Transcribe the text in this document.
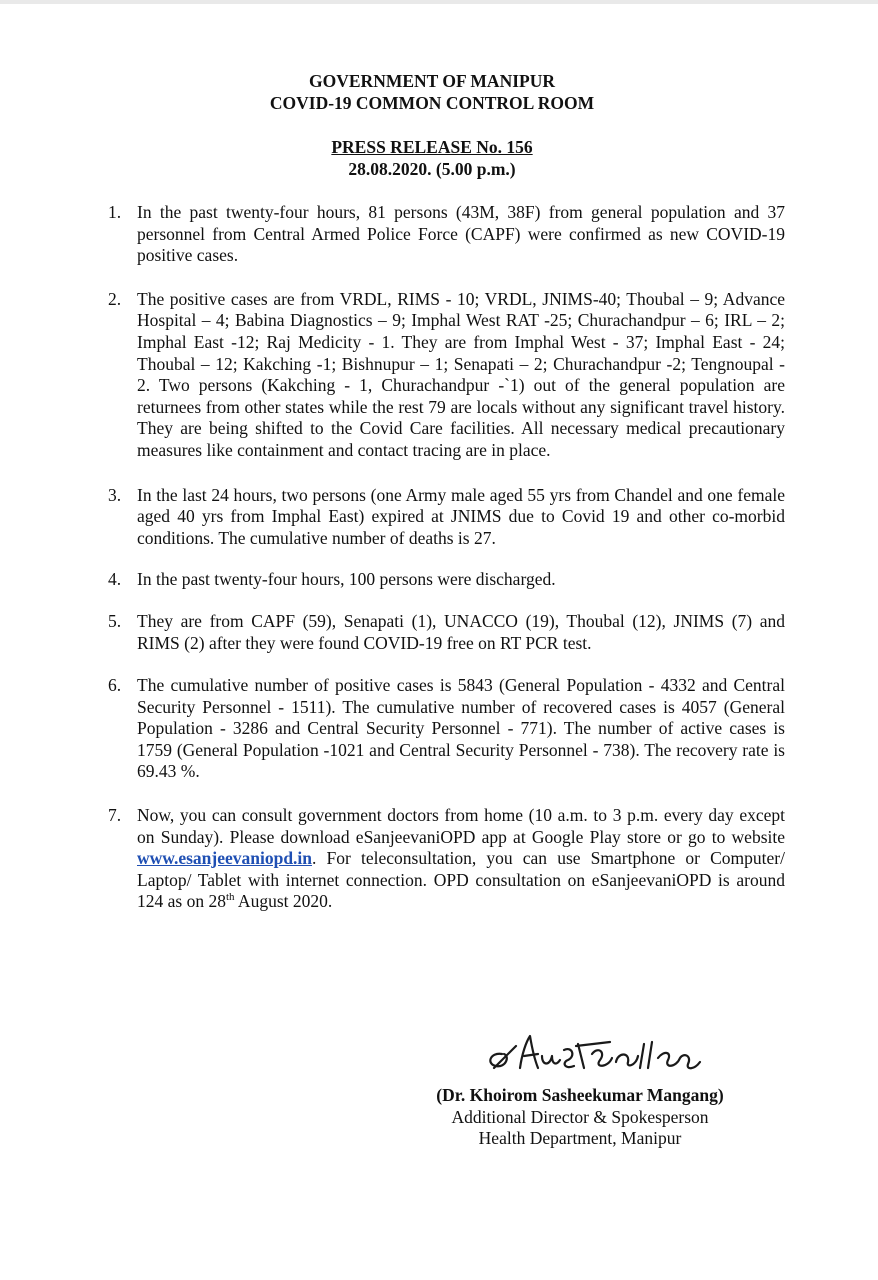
GOVERNMENT OF MANIPUR
COVID-19 COMMON CONTROL ROOM
PRESS RELEASE No. 156
28.08.2020. (5.00 p.m.)
1. In the past twenty-four hours, 81 persons (43M, 38F) from general population and 37 personnel from Central Armed Police Force (CAPF) were confirmed as new COVID-19 positive cases.
2. The positive cases are from VRDL, RIMS - 10; VRDL, JNIMS-40; Thoubal – 9; Advance Hospital – 4; Babina Diagnostics – 9; Imphal West RAT -25; Churachandpur – 6; IRL – 2; Imphal East -12; Raj Medicity - 1. They are from Imphal West - 37; Imphal East - 24; Thoubal – 12; Kakching -1; Bishnupur – 1; Senapati – 2; Churachandpur -2; Tengnoupal - 2. Two persons (Kakching - 1, Churachandpur -`1) out of the general population are returnees from other states while the rest 79 are locals without any significant travel history. They are being shifted to the Covid Care facilities. All necessary medical precautionary measures like containment and contact tracing are in place.
3. In the last 24 hours, two persons (one Army male aged 55 yrs from Chandel and one female aged 40 yrs from Imphal East) expired at JNIMS due to Covid 19 and other co-morbid conditions. The cumulative number of deaths is 27.
4. In the past twenty-four hours, 100 persons were discharged.
5. They are from CAPF (59), Senapati (1), UNACCO (19), Thoubal (12), JNIMS (7) and RIMS (2) after they were found COVID-19 free on RT PCR test.
6. The cumulative number of positive cases is 5843 (General Population - 4332 and Central Security Personnel - 1511). The cumulative number of recovered cases is 4057 (General Population - 3286 and Central Security Personnel - 771). The number of active cases is 1759 (General Population -1021 and Central Security Personnel - 738). The recovery rate is 69.43 %.
7. Now, you can consult government doctors from home (10 a.m. to 3 p.m. every day except on Sunday). Please download eSanjeevaniOPD app at Google Play store or go to website www.esanjeevaniopd.in. For teleconsultation, you can use Smartphone or Computer/ Laptop/ Tablet with internet connection. OPD consultation on eSanjeevaniOPD is around 124 as on 28th August 2020.
(Dr. Khoirom Sasheekumar Mangang)
Additional Director & Spokesperson
Health Department, Manipur
